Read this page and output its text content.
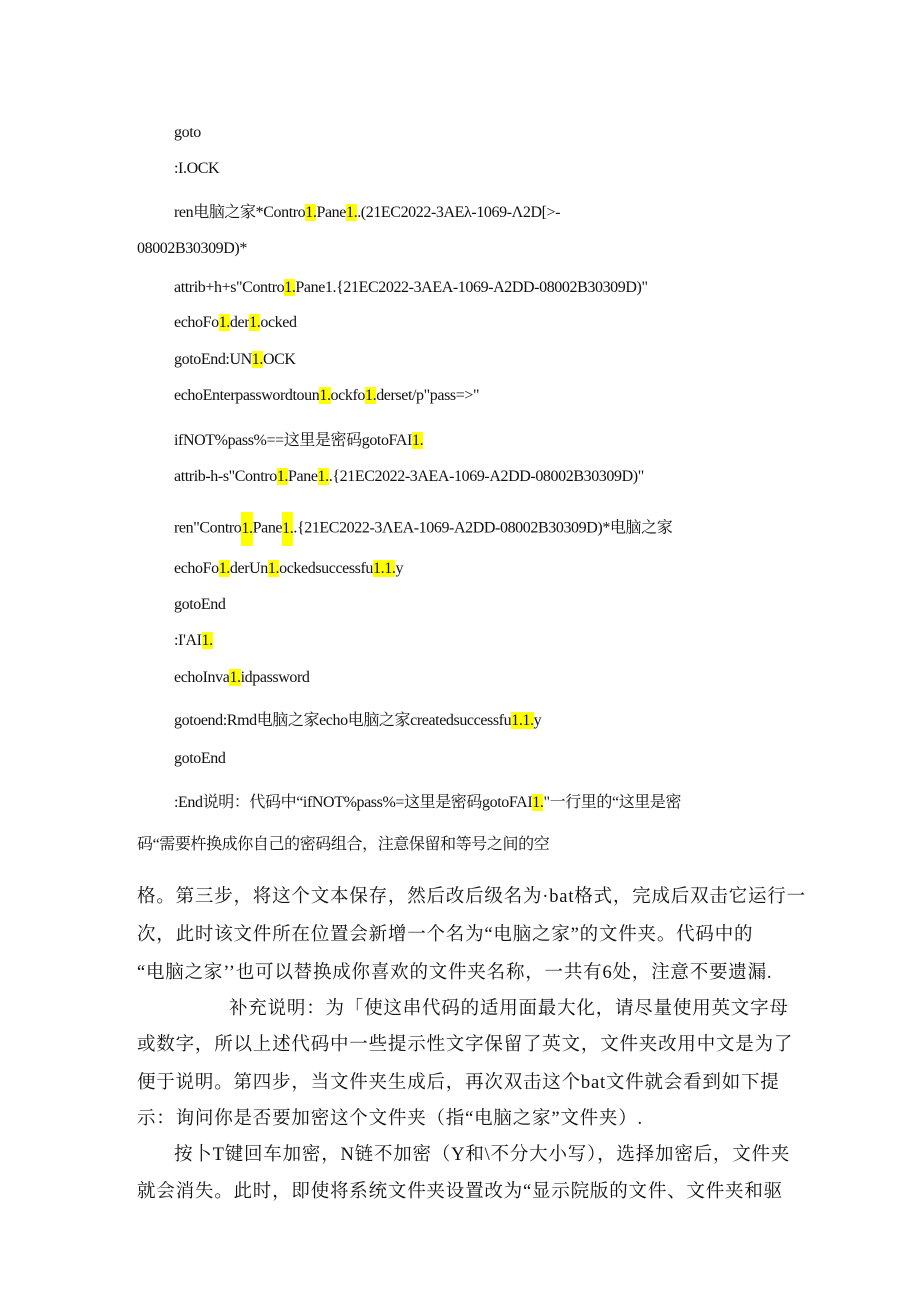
goto
:I.OCK
ren电脑之家*Contro1.Pane1..(21EC2022-3AEλ-1069-Λ2D[>-
08002B30309D)*
attrib+h+s"Contro1.Pane1.{21EC2022-3AEA-1069-A2DD-08002B30309D)"
echoFo1.der1.ocked
gotoEnd:UN1.OCK
echoEnterpasswordtoun1.ockfo1.derset/p"pass=>"
ifNOT%pass%==这里是密码gotoFAI1.
attrib-h-s"Contro1.Pane1..{21EC2022-3AEA-1069-A2DD-08002B30309D)"
ren"Contro1.Pane1..{21EC2022-3ΛEA-1069-A2DD-08002B30309D)*电脑之家
echoFo1.derUn1.ockedsuccessfu1.1.y
gotoEnd
:I'AI1.
echoInva1.idpassword
gotoend:Rmd电脑之家echo电脑之家createdsuccessfu1.1.y
gotoEnd
:End说明：代码中“ifNOT%pass%=这里是密码gotoFAI1."一行里的“这里是密
码“需要杵换成你自己的密码组合，注意保留和等号之间的空
格。第三步，将这个文本保存，然后改后级名为·bat格式，完成后双击它运行一
次，此时该文件所在位置会新增一个名为“电脑之家”的文件夹。代码中的
“电脑之家’’也可以替换成你喜欢的文件夹名称，一共有6处，注意不要遗漏.
补充说明：为「使这串代码的适用面最大化，请尽量使用英文字母
或数字，所以上述代码中一些提示性文字保留了英文，文件夹改用中文是为了
便于说明。第四步，当文件夹生成后，再次双击这个bat文件就会看到如下提
示：询问你是否要加密这个文件夹（指“电脑之家”文件夹）.
按卜T键回车加密，N链不加密（Y和\不分大小写），选择加密后，文件夹
就会消失。此时，即使将系统文件夹设置改为“显示院版的文件、文件夹和驱
